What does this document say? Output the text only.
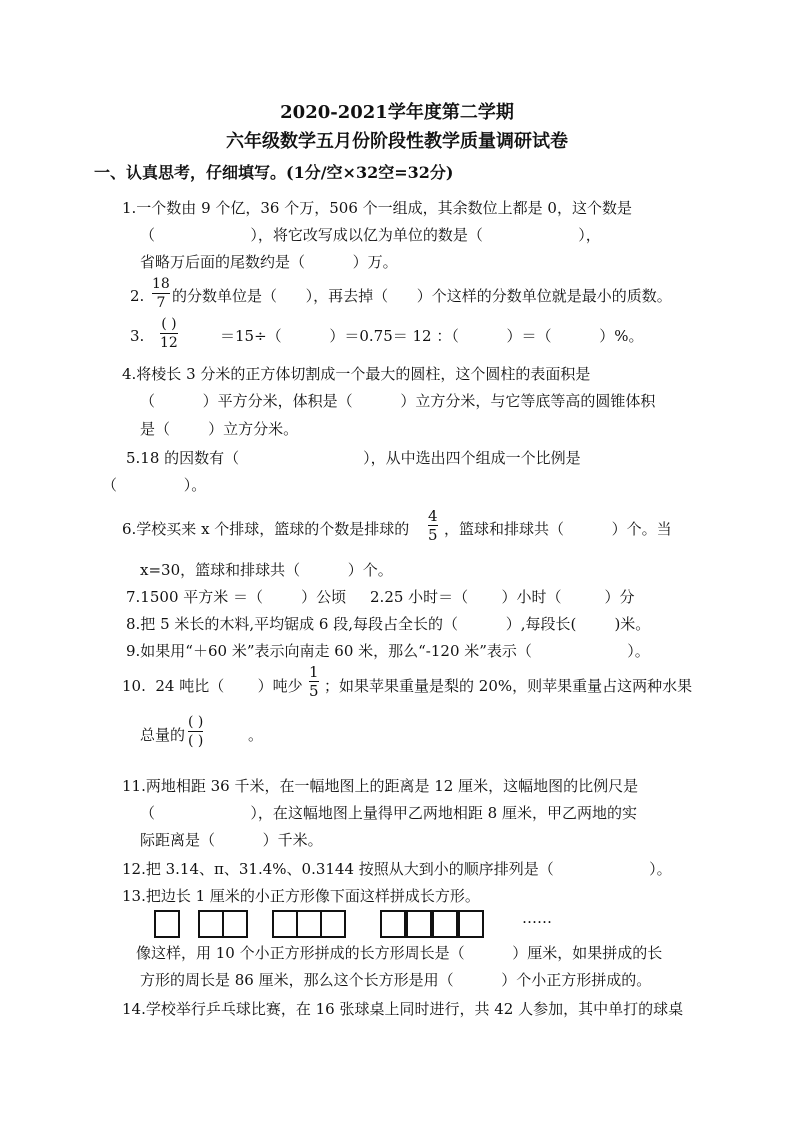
2020-2021学年度第二学期
六年级数学五月份阶段性教学质量调研试卷
一、认真思考，仔细填写。(1分/空×32空=32分)
1.一个数由 9 个亿，36 个万，506 个一组成，其余数位上都是 0，这个数是
（                    ），将它改写成以亿为单位的数是（                    ），
省略万后面的尾数约是（          ）万。
2.
18
7 的分数单位是（      ），再去掉（      ）个这样的分数单位就是最小的质数。
3.
( )
12	＝15÷（          ）＝0.75＝ 12 ：（          ）＝（          ）%。
4.将棱长 3 分米的正方体切割成一个最大的圆柱，这个圆柱的表面积是
（          ）平方分米，体积是（          ）立方分米，与它等底等高的圆锥体积
是（        ）立方分米。
5.18 的因数有（                          ），从中选出四个组成一个比例是
（              ）。
6.学校买来 x 个排球，篮球的个数是排球的
4
5 ，篮球和排球共（          ）个。当
x=30，篮球和排球共（          ）个。
7.1500 平方米 ＝（        ）公顷     2.25 小时＝（       ）小时（         ）分
8.把 5 米长的木料,平均锯成 6 段,每段占全长的（          ）,每段长(        )米。
9.如果用“＋60 米”表示向南走 60 米，那么“-120 米”表示（                    ）。
10.  24 吨比（       ）吨少
1
5 ；如果苹果重量是梨的 20%，则苹果重量占这两种水果
总量的
( )
( )	。
11.两地相距 36 千米，在一幅地图上的距离是 12 厘米，这幅地图的比例尺是
（                    ），在这幅地图上量得甲乙两地相距 8 厘米，甲乙两地的实
际距离是（          ）千米。
12.把 3.14、π、31.4%、0.3144 按照从大到小的顺序排列是（                    ）。
13.把边长 1 厘米的小正方形像下面这样拼成长方形。
……
像这样，用 10 个小正方形拼成的长方形周长是（          ）厘米，如果拼成的长
方形的周长是 86 厘米，那么这个长方形是用（          ）个小正方形拼成的。
14.学校举行乒乓球比赛，在 16 张球桌上同时进行，共 42 人参加，其中单打的球桌
